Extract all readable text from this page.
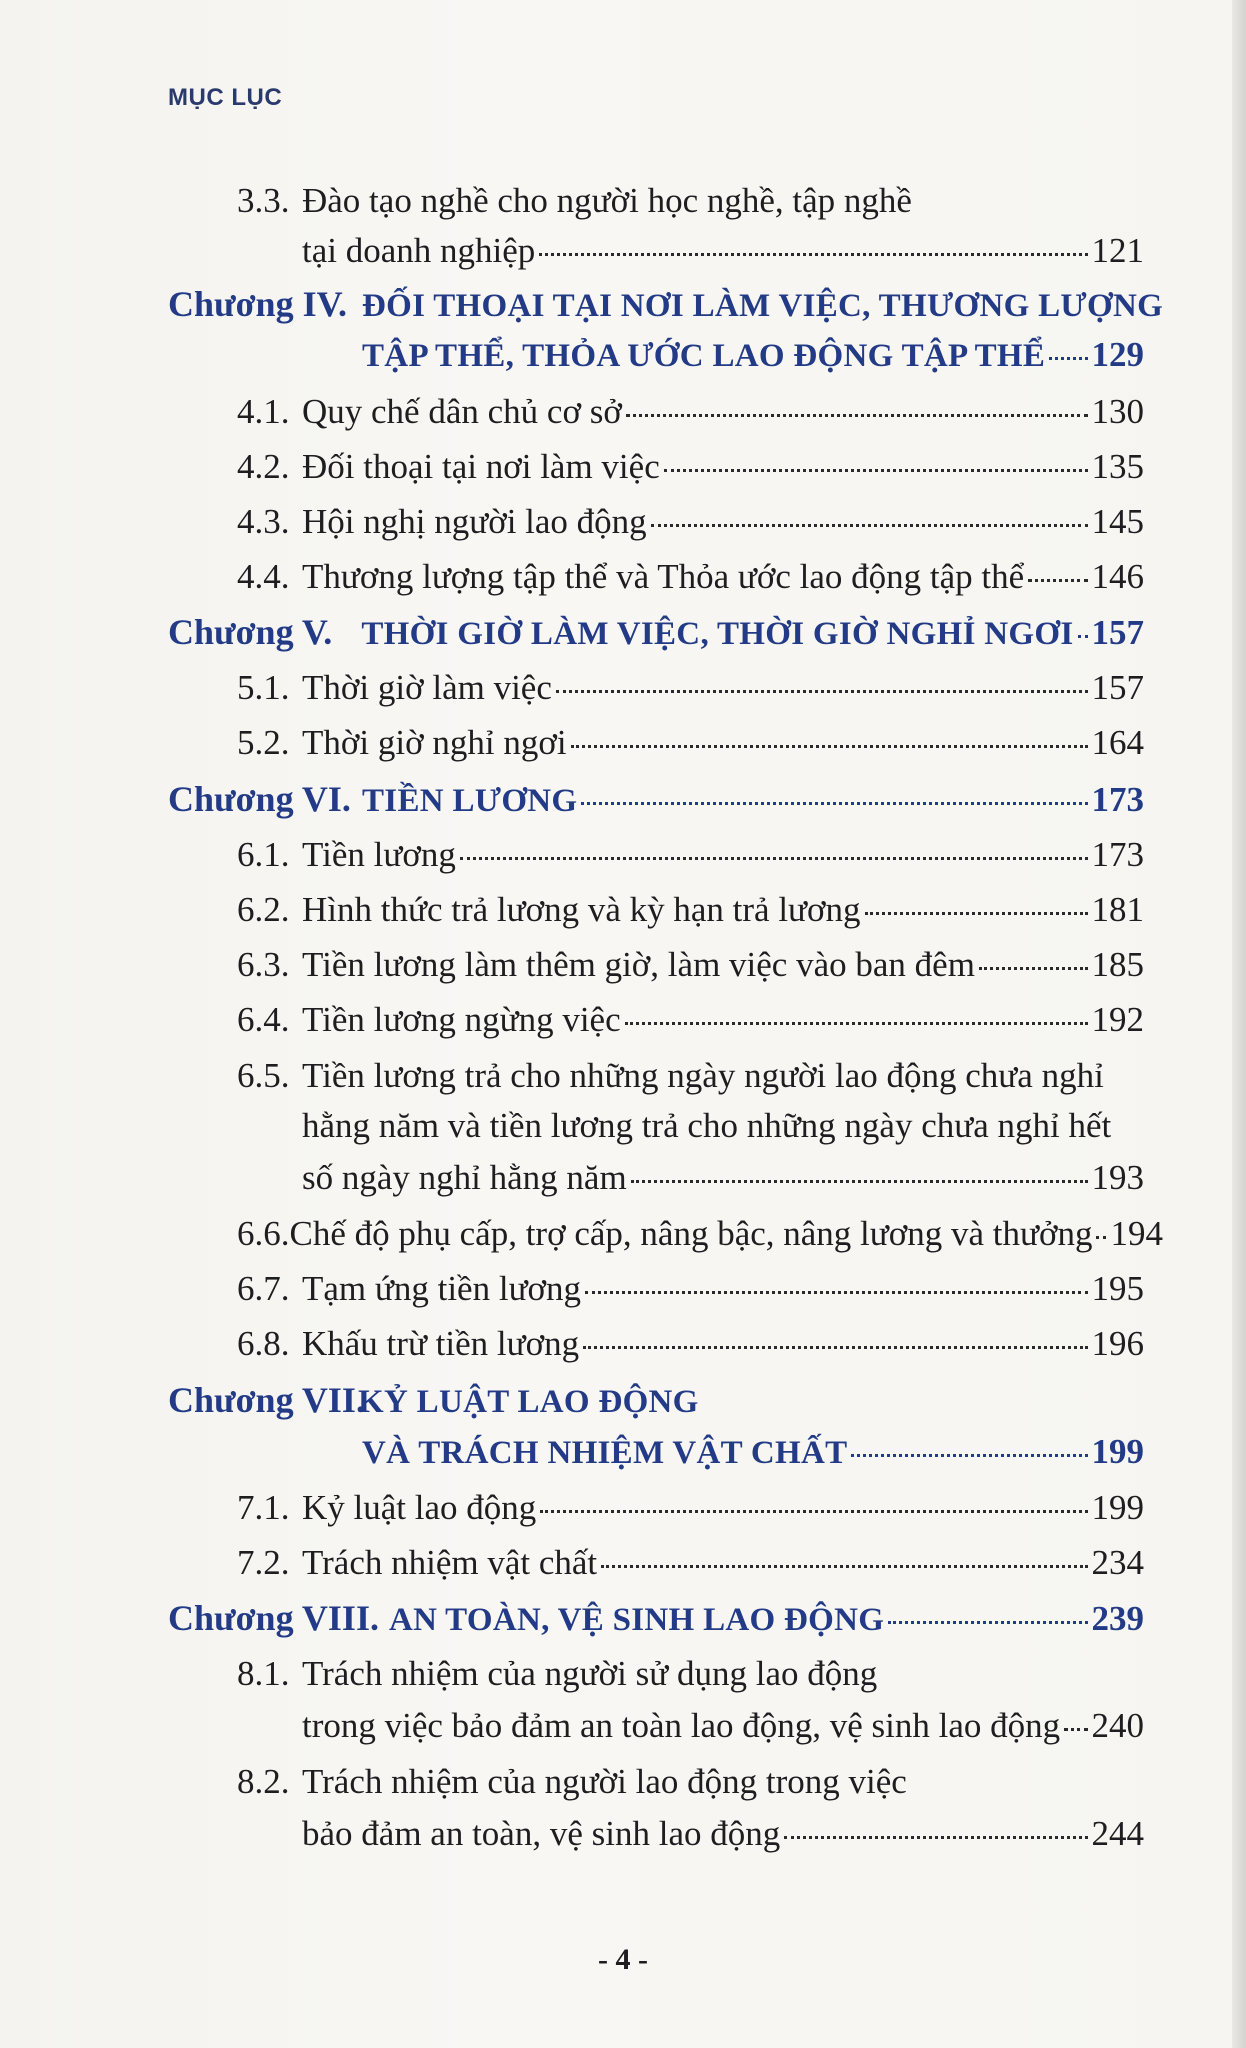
MỤC LỤC
3.3. Đào tạo nghề cho người học nghề, tập nghề
tại doanh nghiệp	121
Chương IV. ĐỐI THOẠI TẠI NƠI LÀM VIỆC, THƯƠNG LƯỢNG
TẬP THỂ, THỎA ƯỚC LAO ĐỘNG TẬP THỂ 129
4.1. Quy chế dân chủ cơ sở	130
4.2. Đối thoại tại nơi làm việc	135
4.3. Hội nghị người lao động	145
4.4. Thương lượng tập thể và Thỏa ước lao động tập thể 146
Chương V. THỜI GIỜ LÀM VIỆC, THỜI GIỜ NGHỈ NGƠI 157
5.1. Thời giờ làm việc	157
5.2. Thời giờ nghỉ ngơi	164
Chương VI. TIỀN LƯƠNG	173
6.1. Tiền lương	173
6.2. Hình thức trả lương và kỳ hạn trả lương	181
6.3. Tiền lương làm thêm giờ, làm việc vào ban đêm	185
6.4. Tiền lương ngừng việc	192
6.5. Tiền lương trả cho những ngày người lao động chưa nghỉ
hằng năm và tiền lương trả cho những ngày chưa nghỉ hết
số ngày nghỉ hằng năm	193
6.6. Chế độ phụ cấp, trợ cấp, nâng bậc, nâng lương và thưởng 194
6.7. Tạm ứng tiền lương	195
6.8. Khấu trừ tiền lương	196
Chương VII.
KỶ LUẬT LAO ĐỘNG
VÀ TRÁCH NHIỆM VẬT CHẤT	199
7.1. Kỷ luật lao động	199
7.2. Trách nhiệm vật chất	234
Chương VIII. AN TOÀN, VỆ SINH LAO ĐỘNG	239
8.1. Trách nhiệm của người sử dụng lao động
trong việc bảo đảm an toàn lao động, vệ sinh lao động 240
8.2. Trách nhiệm của người lao động trong việc
bảo đảm an toàn, vệ sinh lao động	244
- 4 -
